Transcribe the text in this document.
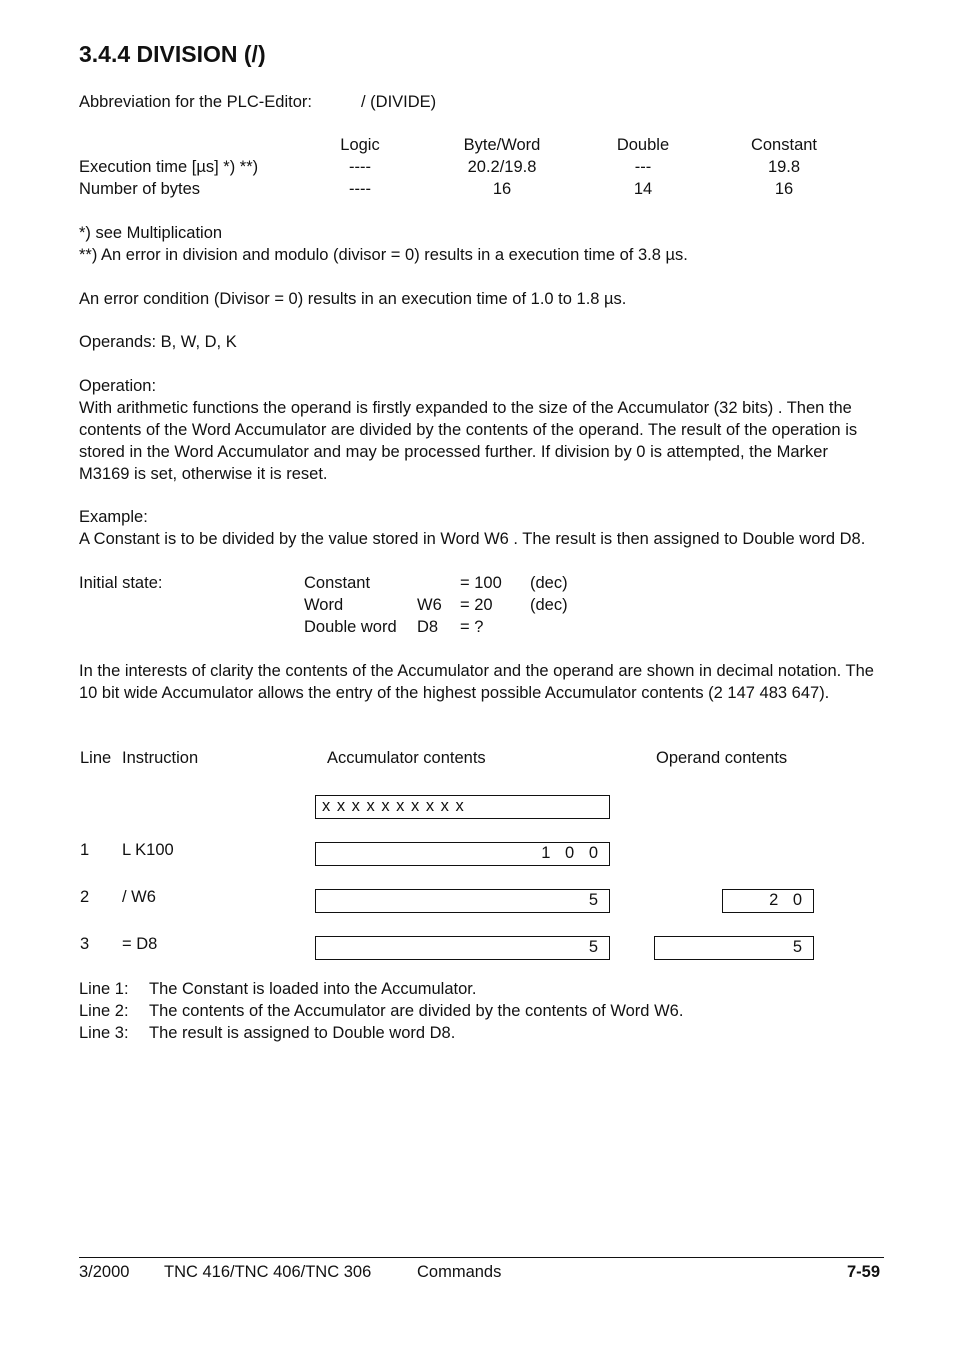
3.4.4 DIVISION (/)
Abbreviation for the PLC-Editor:	/ (DIVIDE)
Logic	Byte/Word	Double	Constant
Execution time [µs] *) **)	----	20.2/19.8	---	19.8
Number of bytes	----	16	14	16
*) see Multiplication
**) An error in division and modulo (divisor = 0) results in a execution time of 3.8 µs.
An error condition (Divisor = 0) results in an execution time of 1.0 to 1.8 µs.
Operands: B, W, D, K
Operation:
With arithmetic functions the operand is firstly expanded to the size of the Accumulator (32 bits) . Then the contents of the Word Accumulator are divided by the contents of the operand. The result of the operation is stored in the Word Accumulator and may be processed further. If division by 0 is attempted, the Marker M3169 is set, otherwise it is reset.
Example:
A Constant is to be divided by the value stored in Word W6 . The result is then assigned to Double word D8.
Initial state:	Constant	= 100 (dec)
Word	W6 = 20 (dec)
Double word D8 = ?
In the interests of clarity the contents of the Accumulator and the operand are shown in decimal notation. The 10 bit wide Accumulator allows the entry of the highest possible Accumulator contents (2 147 483 647).
Line Instruction	Accumulator contents	Operand contents
x x x x x x x x x x
1 L K100	1 0 0
2 / W6	5	2 0
3 = D8	5	5
Line 1: The Constant is loaded into the Accumulator.
Line 2: The contents of the Accumulator are divided by the contents of Word W6.
Line 3: The result is assigned to Double word D8.
3/2000 TNC 416/TNC 406/TNC 306	Commands	7-59
